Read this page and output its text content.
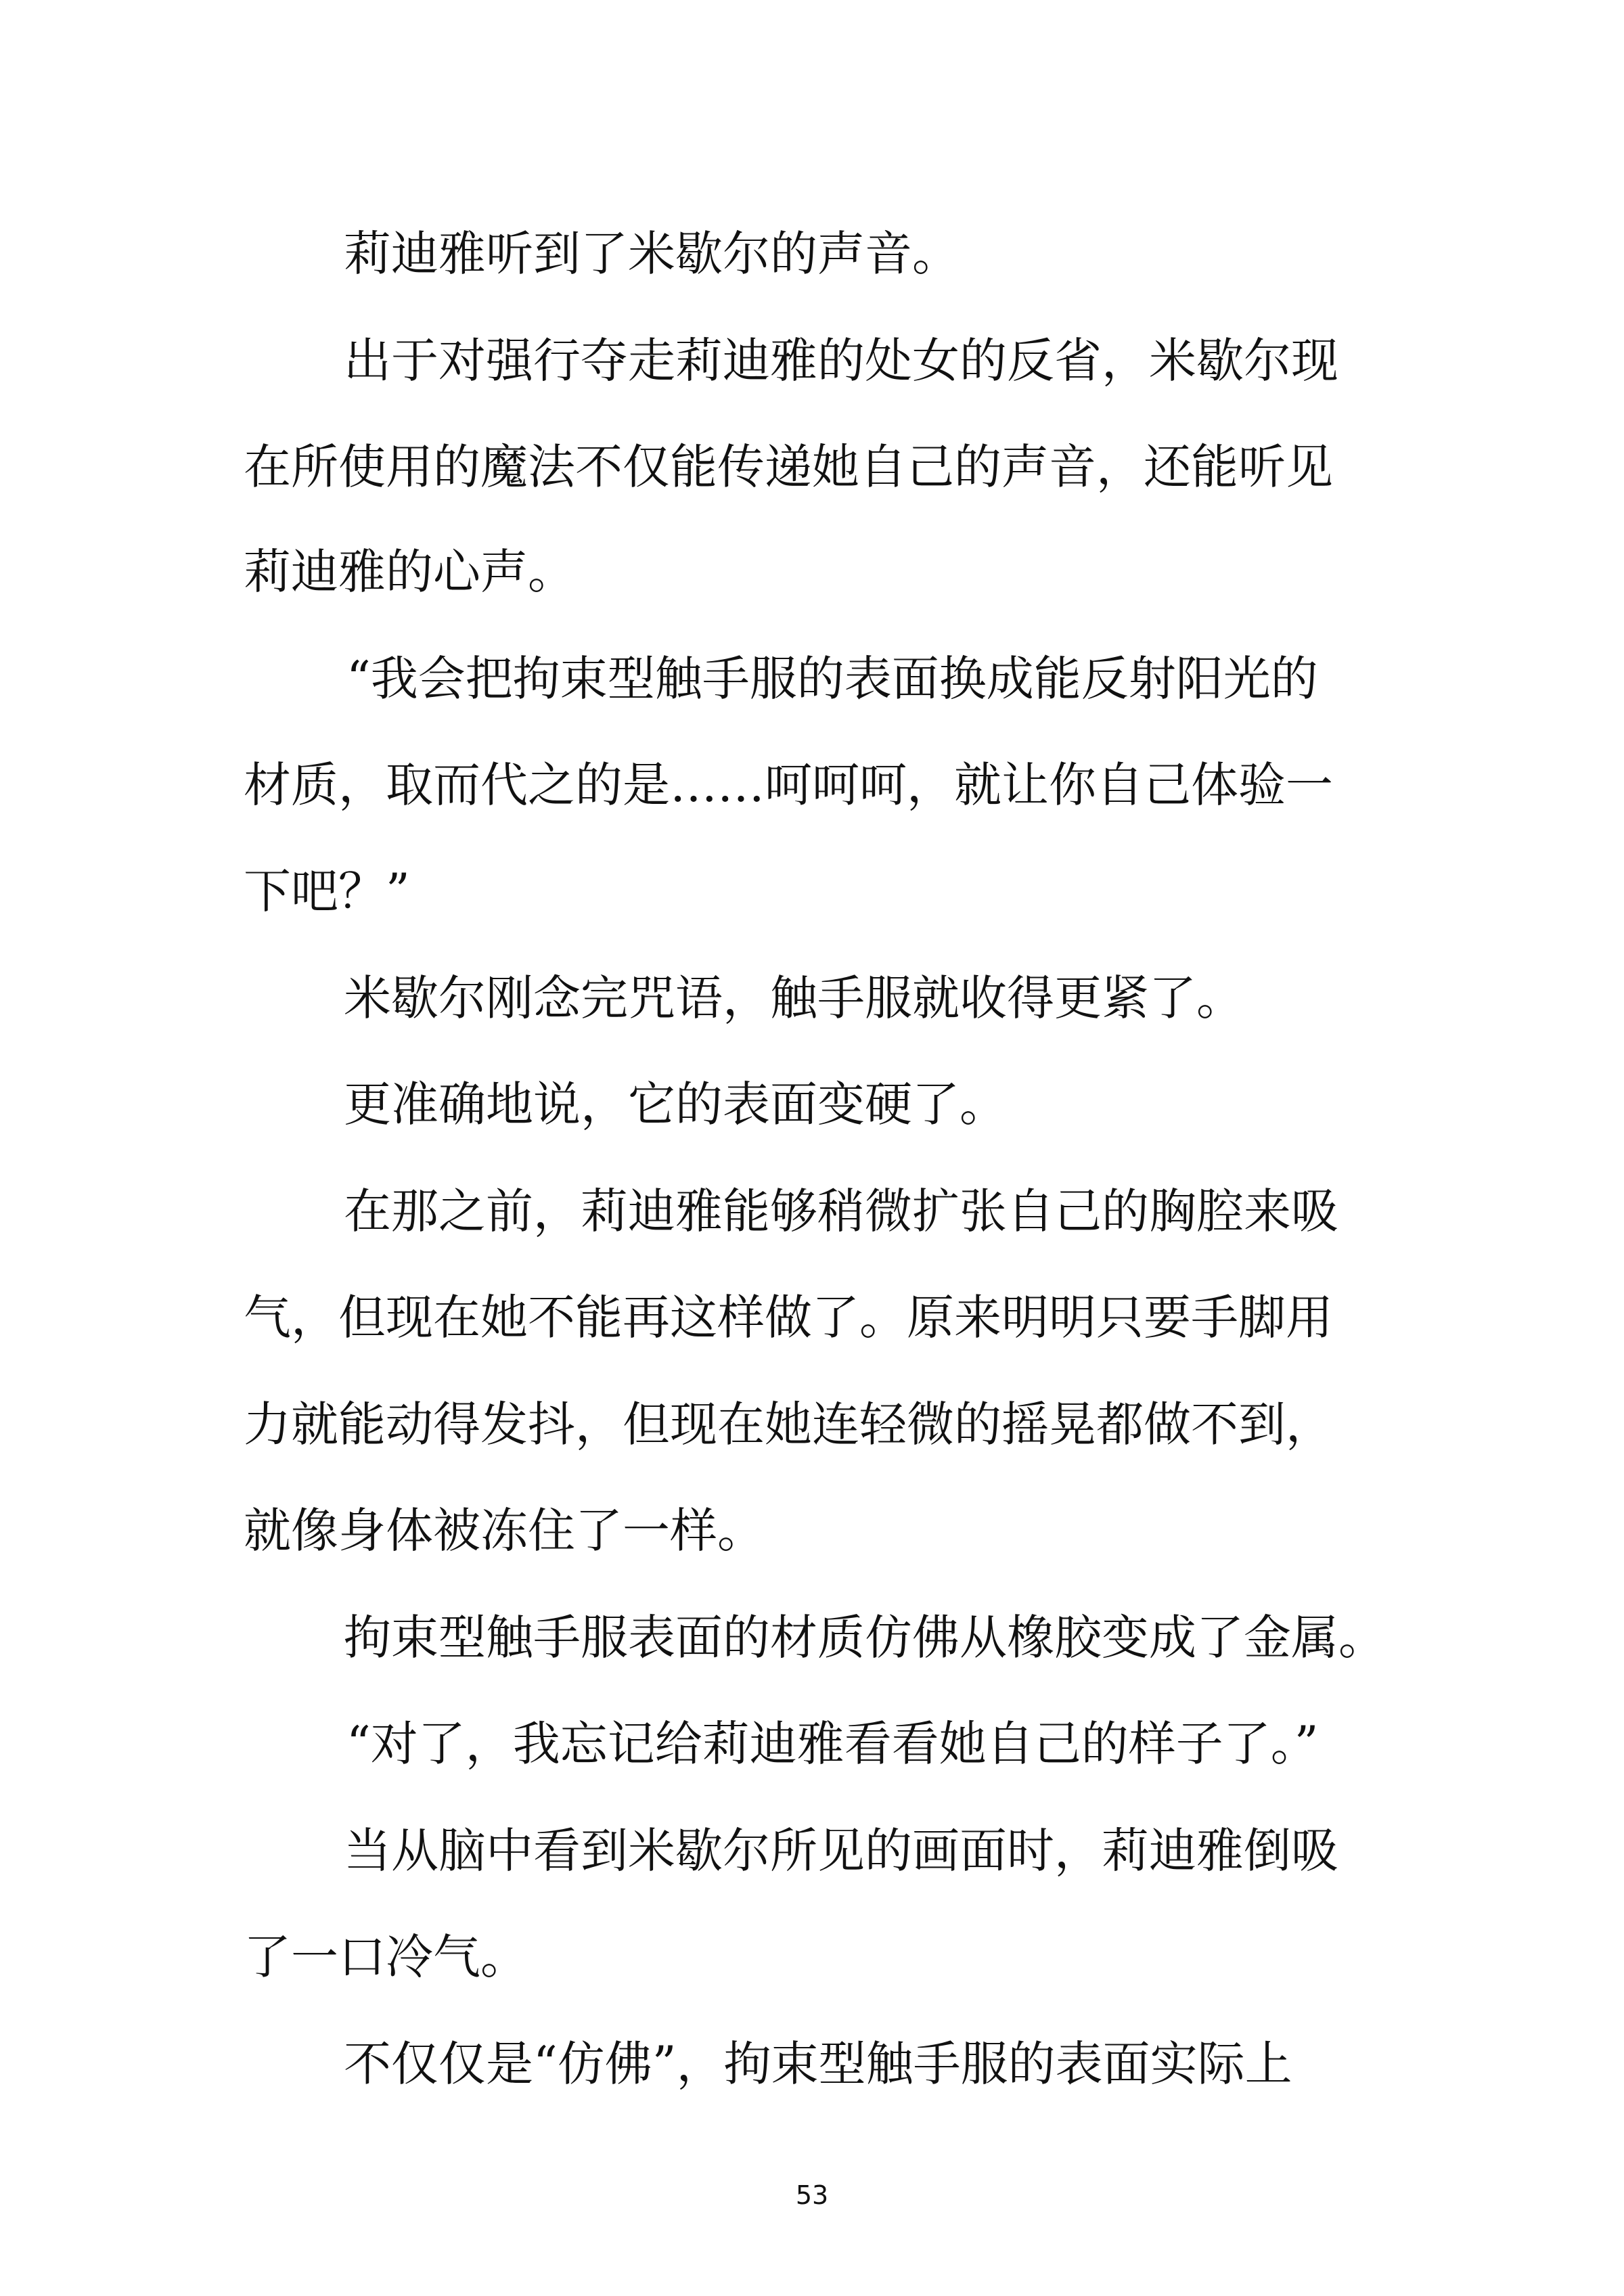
莉迪雅听到了米歇尔的声音。
出于对强行夺走莉迪雅的处女的反省，米歇尔现
在所使用的魔法不仅能传递她自己的声音，还能听见
莉迪雅的心声。
“我会把拘束型触手服的表面换成能反射阳光的
材质，取而代之的是……呵呵呵，就让你自己体验一
下吧？”
米歇尔刚念完咒语，触手服就收得更紧了。
更准确地说，它的表面变硬了。
在那之前，莉迪雅能够稍微扩张自己的胸腔来吸
气，但现在她不能再这样做了。原来明明只要手脚用
力就能动得发抖，但现在她连轻微的摇晃都做不到，
就像身体被冻住了一样。
拘束型触手服表面的材质仿佛从橡胶变成了金属。
“对了，我忘记给莉迪雅看看她自己的样子了。”
当从脑中看到米歇尔所见的画面时，莉迪雅倒吸
了一口冷气。
不仅仅是“仿佛”，拘束型触手服的表面实际上
53
